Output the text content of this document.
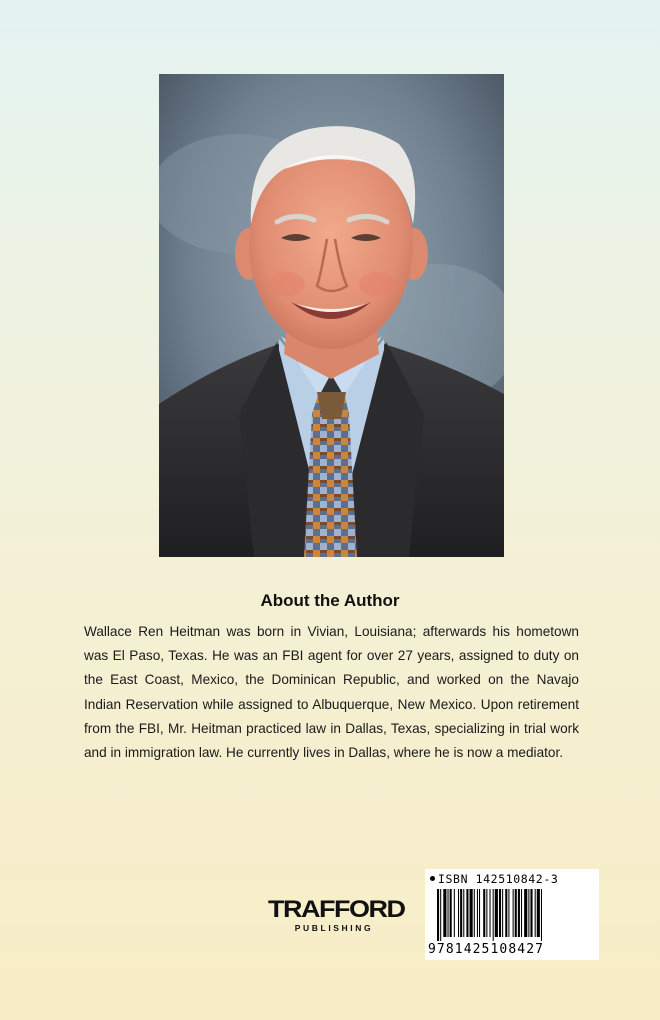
About the Author

Wallace Ren Heitman was born in Vivian, Louisiana; afterwards his hometown was El Paso, Texas. He was an FBI agent for over 27 years, assigned to duty on the East Coast, Mexico, the Dominican Republic, and worked on the Navajo Indian Reservation while assigned to Albuquerque, New Mexico. Upon retirement from the FBI, Mr. Heitman practiced law in Dallas, Texas, specializing in trial work and in immigration law. He currently lives in Dallas, where he is now a mediator.

TRAFFORD
PUBLISHING
ISBN 142510842-3
9781425108427
